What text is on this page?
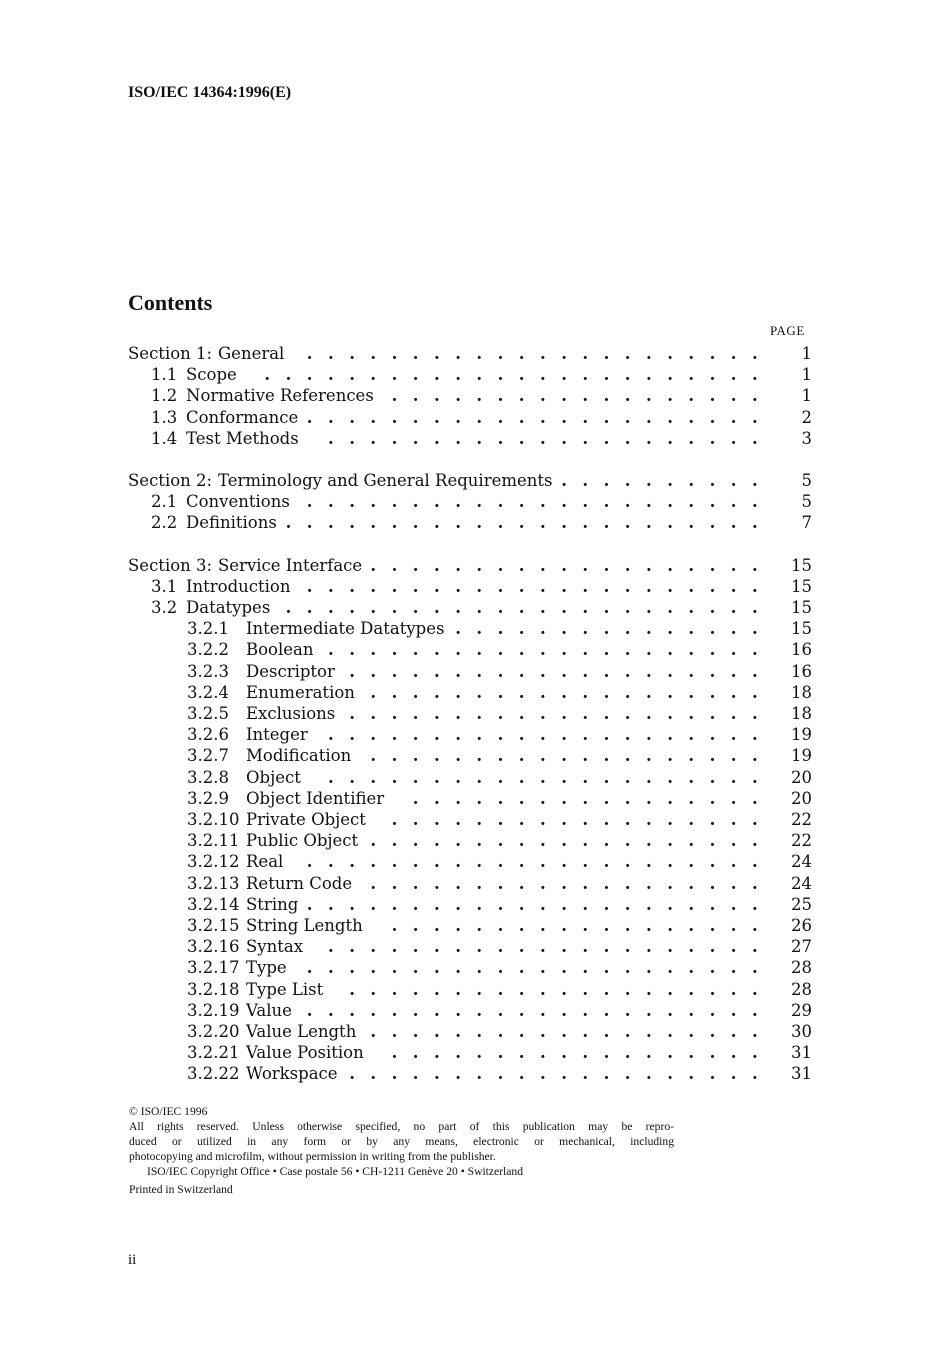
ISO/IEC 14364:1996(E)
Contents
PAGE
Section 1: General . . . . . . . . . . . . . . . . . . . . . .	1
1.1 Scope . . . . . . . . . . . . . . . . . . . . . . . .	1
1.2 Normative References . . . . . . . . . . . . . . . . . .	1
1.3 Conformance . . . . . . . . . . . . . . . . . . . . . .	2
1.4 Test Methods . . . . . . . . . . . . . . . . . . . . .	3
Section 2: Terminology and General Requirements . . . . . . . . . .	5
2.1 Conventions . . . . . . . . . . . . . . . . . . . . . .	5
2.2 Definitions . . . . . . . . . . . . . . . . . . . . . . .	7
Section 3: Service Interface . . . . . . . . . . . . . . . . . . .	15
3.1 Introduction . . . . . . . . . . . . . . . . . . . . . .	15
3.2 Datatypes . . . . . . . . . . . . . . . . . . . . . . .	15
3.2.1 Intermediate Datatypes . . . . . . . . . . . . . . .	15
3.2.2 Boolean . . . . . . . . . . . . . . . . . . . . .	16
3.2.3 Descriptor . . . . . . . . . . . . . . . . . . . .	16
3.2.4 Enumeration . . . . . . . . . . . . . . . . . . .	18
3.2.5 Exclusions . . . . . . . . . . . . . . . . . . . .	18
3.2.6 Integer . . . . . . . . . . . . . . . . . . . . .	19
3.2.7 Modification . . . . . . . . . . . . . . . . . . .	19
3.2.8 Object . . . . . . . . . . . . . . . . . . . . .	20
3.2.9 Object Identifier . . . . . . . . . . . . . . . . .	20
3.2.10 Private Object . . . . . . . . . . . . . . . . . .	22
3.2.11 Public Object . . . . . . . . . . . . . . . . . . .	22
3.2.12 Real . . . . . . . . . . . . . . . . . . . . . .	24
3.2.13 Return Code . . . . . . . . . . . . . . . . . . .	24
3.2.14 String . . . . . . . . . . . . . . . . . . . . . .	25
3.2.15 String Length . . . . . . . . . . . . . . . . . .	26
3.2.16 Syntax . . . . . . . . . . . . . . . . . . . . .	27
3.2.17 Type . . . . . . . . . . . . . . . . . . . . . .	28
3.2.18 Type List . . . . . . . . . . . . . . . . . . . .	28
3.2.19 Value . . . . . . . . . . . . . . . . . . . . . .	29
3.2.20 Value Length . . . . . . . . . . . . . . . . . . .	30
3.2.21 Value Position . . . . . . . . . . . . . . . . . .	31
3.2.22 Workspace . . . . . . . . . . . . . . . . . . . .	31
© ISO/IEC 1996
All rights reserved. Unless otherwise specified, no part of this publication may be repro-
duced or utilized in any form or by any means, electronic or mechanical, including
photocopying and microfilm, without permission in writing from the publisher.
ISO/IEC Copyright Office • Case postale 56 • CH-1211 Genève 20 • Switzerland
Printed in Switzerland
ii
